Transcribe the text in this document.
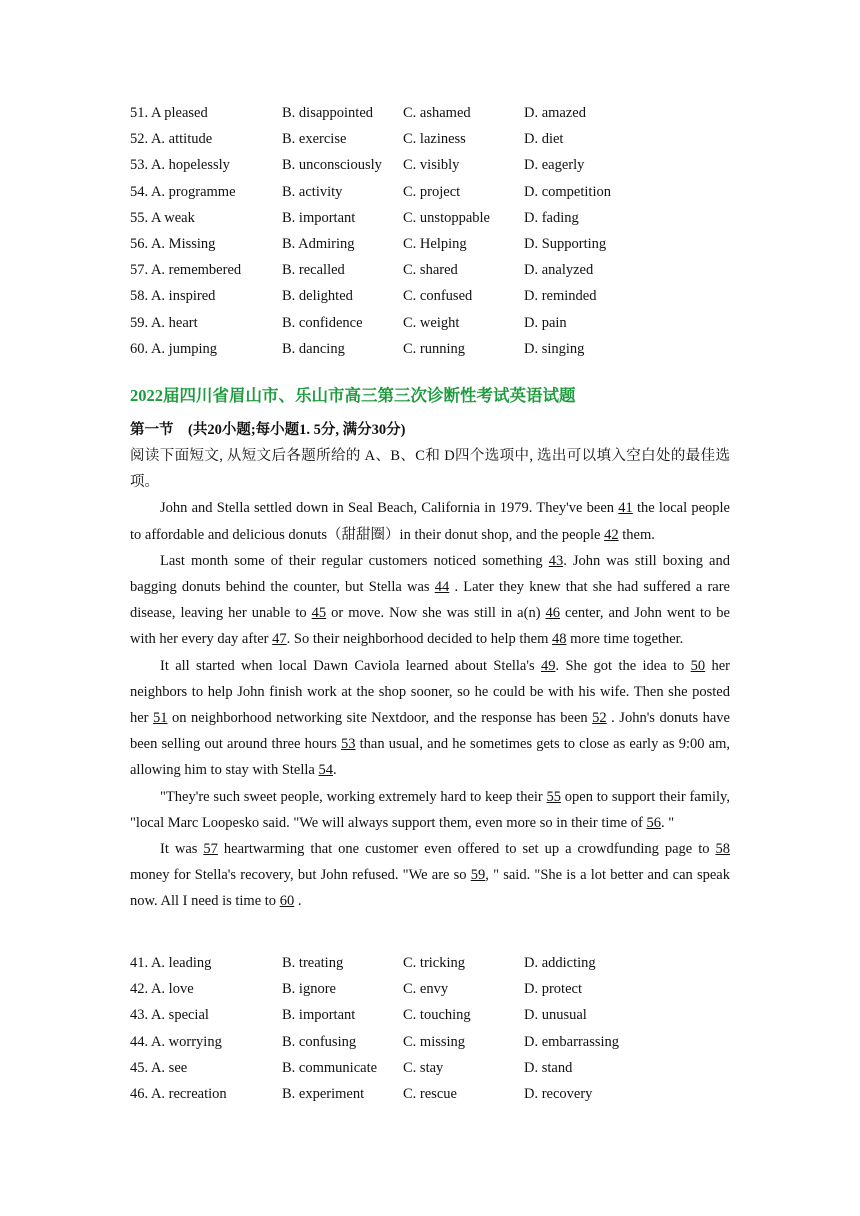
51. A pleased	B. disappointed C. ashamed	D. amazed
52. A. attitude	B. exercise	C. laziness	D. diet
53. A. hopelessly	B. unconsciously C. visibly	D. eagerly
54. A. programme	B. activity	C. project	D. competition
55. A weak	B. important	C. unstoppable D. fading
56. A. Missing	B. Admiring	C. Helping	D. Supporting
57. A. remembered	B. recalled	C. shared	D. analyzed
58. A. inspired	B. delighted	C. confused	D. reminded
59. A. heart	B. confidence	C. weight	D. pain
60. A. jumping	B. dancing	C. running	D. singing
2022届四川省眉山市、乐山市高三第三次诊断性考试英语试题
第一节　(共20小题;每小题1. 5分, 满分30分)

阅读下面短文, 从短文后各题所给的 A、B、C和 D四个选项中, 选出可以填入空白处的最佳选项。

John and Stella settled down in Seal Beach, California in 1979. They've been 41 the local people to affordable and delicious donuts（甜甜圈）in their donut shop, and the people 42 them.

Last month some of their regular customers noticed something 43. John was still boxing and bagging donuts behind the counter, but Stella was 44 . Later they knew that she had suffered a rare disease, leaving her unable to 45 or move. Now she was still in a(n) 46 center, and John went to be with her every day after 47. So their neighborhood decided to help them 48 more time together.

It all started when local Dawn Caviola learned about Stella's 49. She got the idea to 50 her neighbors to help John finish work at the shop sooner, so he could be with his wife. Then she posted her 51 on neighborhood networking site Nextdoor, and the response has been 52 . John's donuts have been selling out around three hours 53 than usual, and he sometimes gets to close as early as 9:00 am, allowing him to stay with Stella 54.

"They're such sweet people, working extremely hard to keep their 55 open to support their family, "local Marc Loopesko said. "We will always support them, even more so in their time of 56. "

It was 57 heartwarming that one customer even offered to set up a crowdfunding page to 58 money for Stella's recovery, but John refused. "We are so 59, " said. "She is a lot better and can speak now. All I need is time to 60 .

41. A. leading	B. treating	C. tricking	D. addicting
42. A. love	B. ignore	C. envy	D. protect
43. A. special	B. important	C. touching	D. unusual
44. A. worrying	B. confusing	C. missing	D. embarrassing
45. A. see	B. communicate C. stay	D. stand
46. A. recreation	B. experiment	C. rescue	D. recovery
